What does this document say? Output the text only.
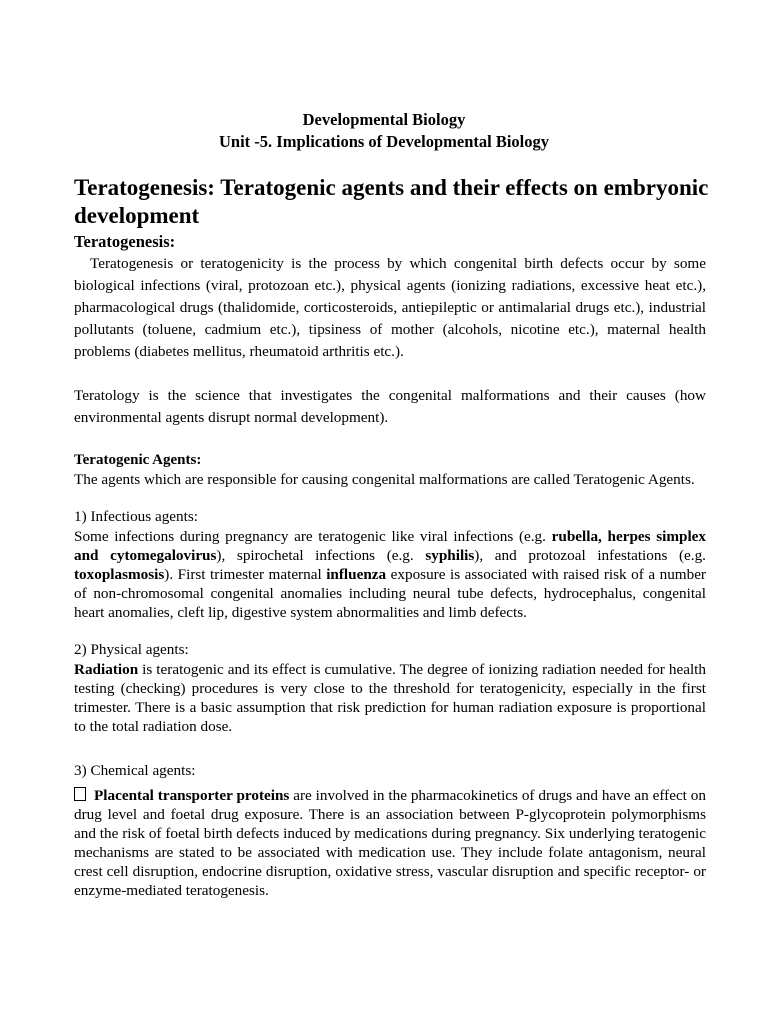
Developmental Biology
Unit -5. Implications of Developmental Biology
Teratogenesis: Teratogenic agents and their effects on embryonic development
Teratogenesis:
Teratogenesis or teratogenicity is the process by which congenital birth defects occur by some biological infections (viral, protozoan etc.), physical agents (ionizing radiations, excessive heat etc.), pharmacological drugs (thalidomide, corticosteroids, antiepileptic or antimalarial drugs etc.), industrial pollutants (toluene, cadmium etc.), tipsiness of mother (alcohols, nicotine etc.), maternal health problems (diabetes mellitus, rheumatoid arthritis etc.).
Teratology is the science that investigates the congenital malformations and their causes (how environmental agents disrupt normal development).
Teratogenic Agents:
The agents which are responsible for causing congenital malformations are called Teratogenic Agents.
1) Infectious agents:
Some infections during pregnancy are teratogenic like viral infections (e.g. rubella, herpes simplex and cytomegalovirus), spirochetal infections (e.g. syphilis), and protozoal infestations (e.g. toxoplasmosis). First trimester maternal influenza exposure is associated with raised risk of a number of non-chromosomal congenital anomalies including neural tube defects, hydrocephalus, congenital heart anomalies, cleft lip, digestive system abnormalities and limb defects.
2) Physical agents:
Radiation is teratogenic and its effect is cumulative. The degree of ionizing radiation needed for health testing (checking) procedures is very close to the threshold for teratogenicity, especially in the first trimester. There is a basic assumption that risk prediction for human radiation exposure is proportional to the total radiation dose.
3) Chemical agents:
Placental transporter proteins are involved in the pharmacokinetics of drugs and have an effect on drug level and foetal drug exposure. There is an association between P-glycoprotein polymorphisms and the risk of foetal birth defects induced by medications during pregnancy. Six underlying teratogenic mechanisms are stated to be associated with medication use. They include folate antagonism, neural crest cell disruption, endocrine disruption, oxidative stress, vascular disruption and specific receptor- or enzyme-mediated teratogenesis.
